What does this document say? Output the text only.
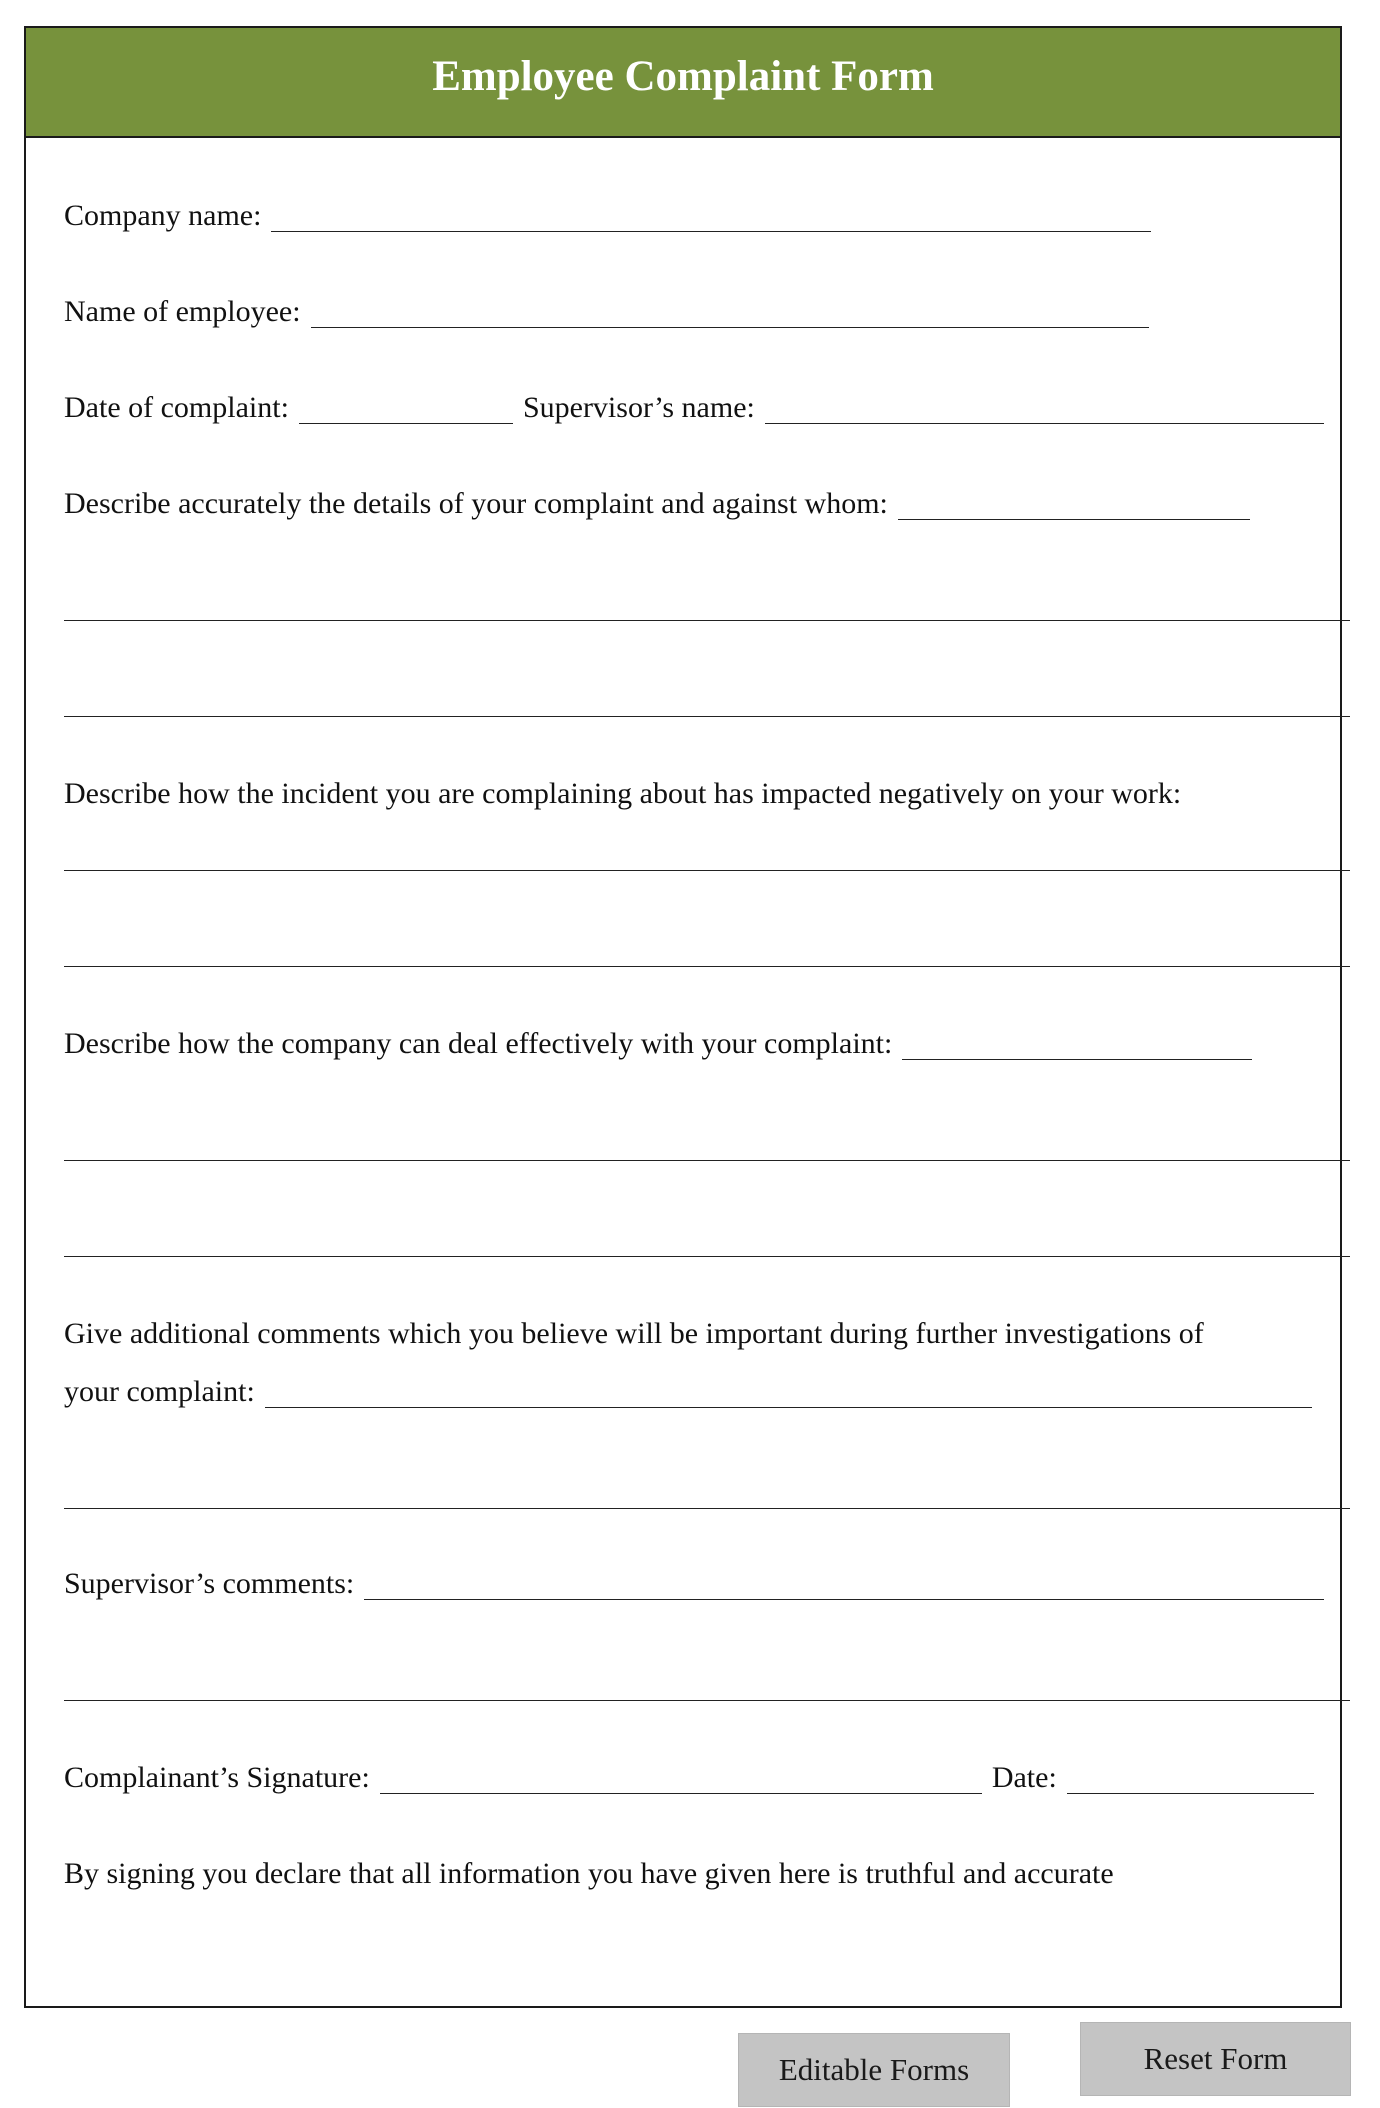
Employee Complaint Form
Company name:
Name of employee:
Date of complaint:	Supervisor’s name:
Describe accurately the details of your complaint and against whom:
Describe how the incident you are complaining about has impacted negatively on your work:
Describe how the company can deal effectively with your complaint:
Give additional comments which you believe will be important during further investigations of
your complaint:
Supervisor’s comments:
Complainant’s Signature:	Date:
By signing you declare that all information you have given here is truthful and accurate
Editable Forms	Reset Form
